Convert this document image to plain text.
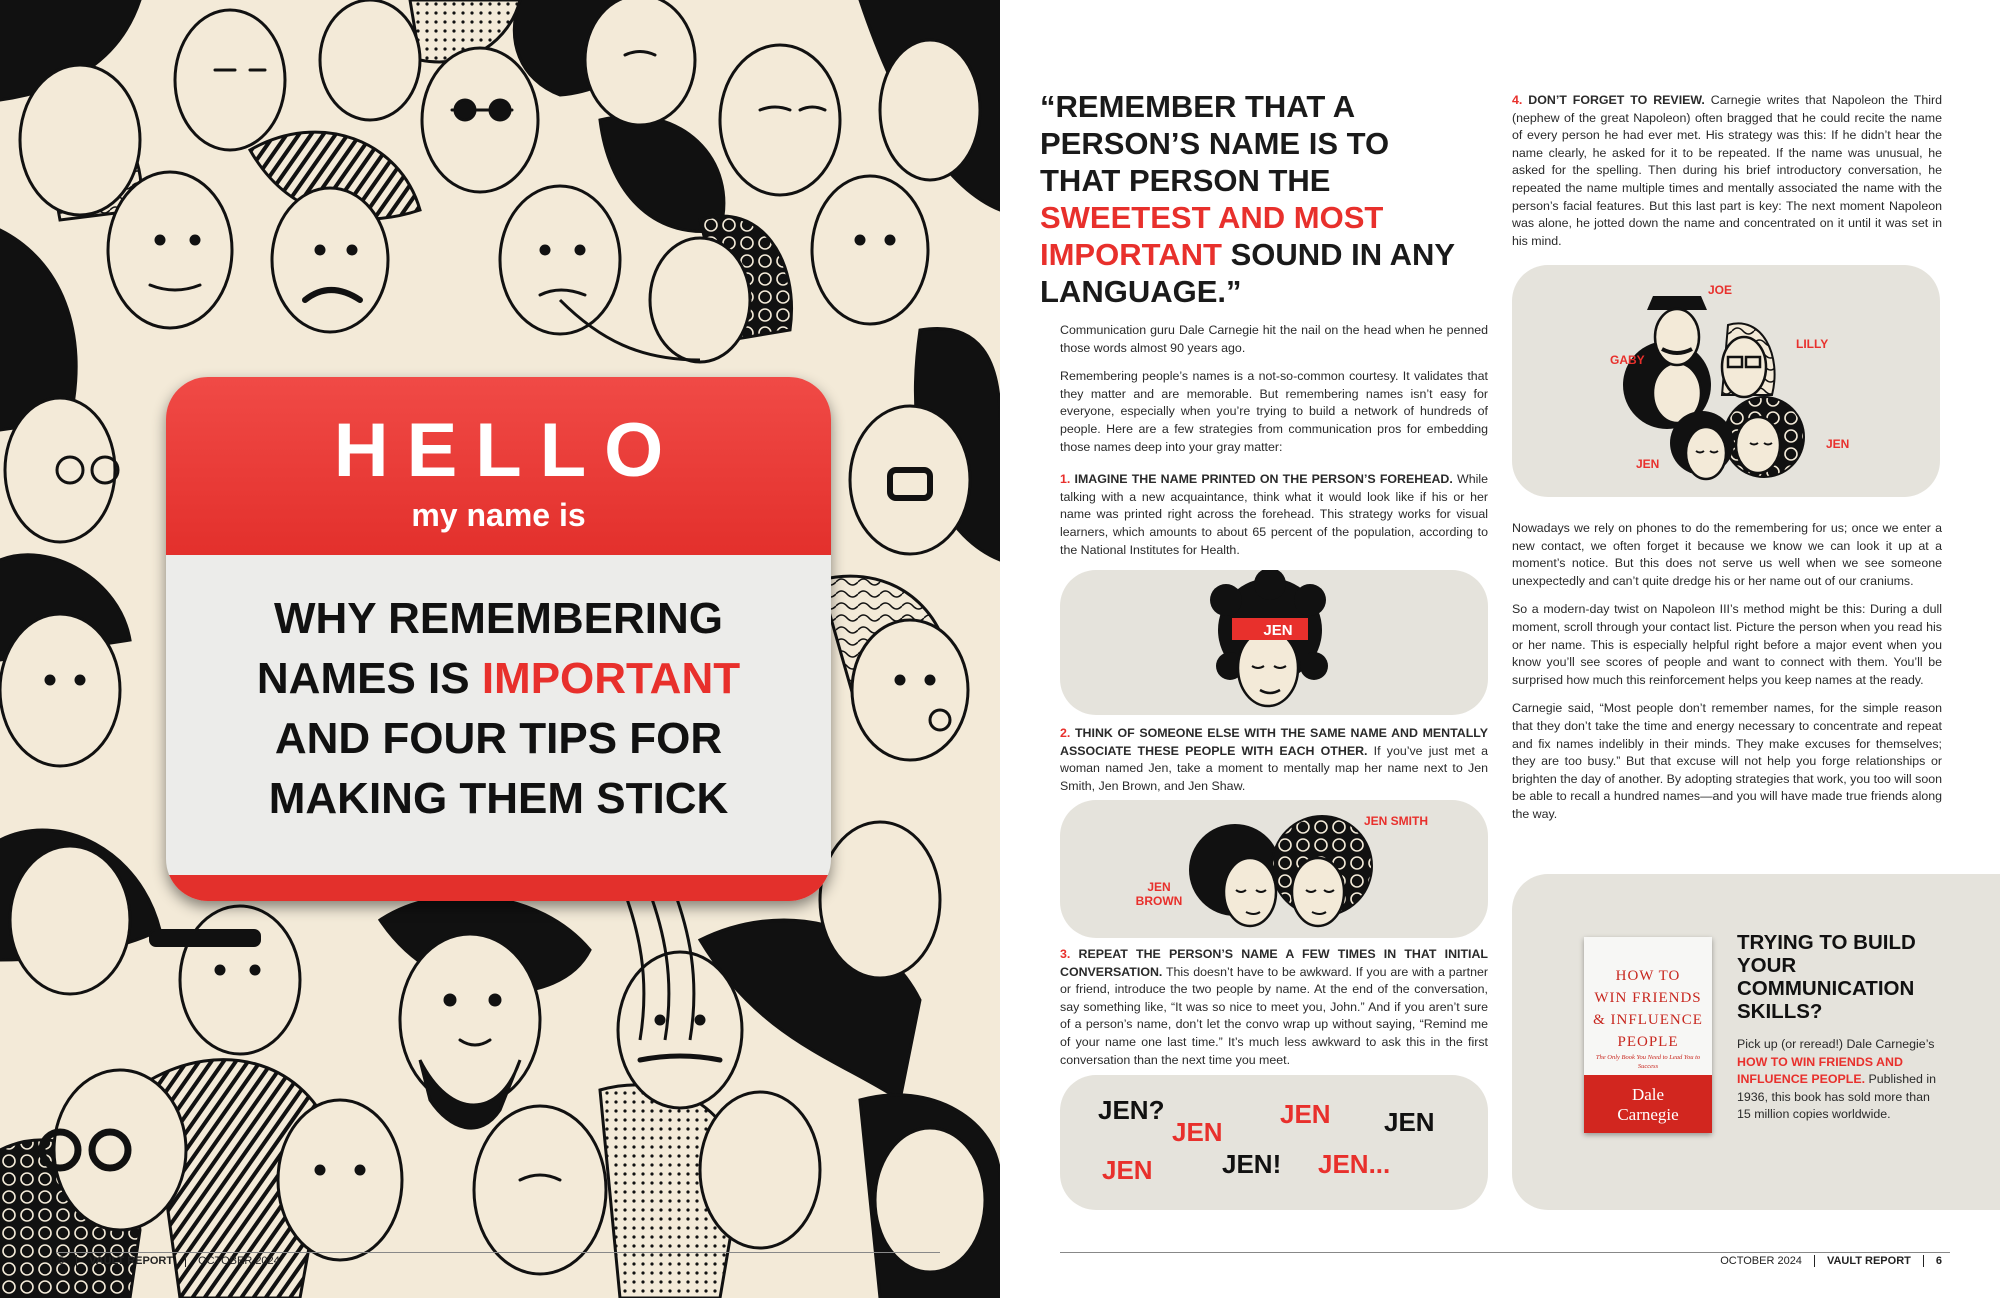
HELLO
my name is
WHY REMEMBERING
NAMES IS IMPORTANT
AND FOUR TIPS FOR
MAKING THEM STICK
5 VAULT REPORT OCTOBER 2024
“REMEMBER THAT A PERSON’S NAME IS TO THAT PERSON THE SWEETEST AND MOST IMPORTANT SOUND IN ANY LANGUAGE.”

Communication guru Dale Carnegie hit the nail on the head when he penned those words almost 90 years ago.

Remembering people’s names is a not-so-common courtesy. It validates that they matter and are memorable. But remembering names isn’t easy for everyone, especially when you’re trying to build a network of hundreds of people. Here are a few strategies from communication pros for embedding those names deep into your gray matter:

1. IMAGINE THE NAME PRINTED ON THE PERSON’S FOREHEAD. While talking with a new acquaintance, think what it would look like if his or her name was printed right across the forehead. This strategy works for visual learners, which amounts to about 65 percent of the population, according to the National Institutes for Health.

JEN

2. THINK OF SOMEONE ELSE WITH THE SAME NAME AND MENTALLY ASSOCIATE THESE PEOPLE WITH EACH OTHER. If you’ve just met a woman named Jen, take a moment to mentally map her name next to Jen Smith, Jen Brown, and Jen Shaw.

JEN SMITH
JEN BROWN

3. REPEAT THE PERSON’S NAME A FEW TIMES IN THAT INITIAL CONVERSATION. This doesn’t have to be awkward. If you are with a partner or friend, introduce the two people by name. At the end of the conversation, say something like, “It was so nice to meet you, John.” And if you aren’t sure of a person’s name, don’t let the convo wrap up without saying, “Remind me of your name one last time.” It’s much less awkward to ask this in the first conversation than the next time you meet.

JEN?
JEN
JEN JEN
JEN	JEN! JEN...

4. DON’T FORGET TO REVIEW. Carnegie writes that Napoleon the Third (nephew of the great Napoleon) often bragged that he could recite the name of every person he had ever met. His strategy was this: If he didn’t hear the name clearly, he asked for it to be repeated. If the name was unusual, he asked for the spelling. Then during his brief introductory conversation, he repeated the name multiple times and mentally associated the name with the person’s facial features. But this last part is key: The next moment Napoleon was alone, he jotted down the name and concentrated on it until it was set in his mind.

JOE
GABY
LILLY
JEN
JEN

Nowadays we rely on phones to do the remembering for us; once we enter a new contact, we often forget it because we know we can look it up at a moment’s notice. But this does not serve us well when we see someone unexpectedly and can’t quite dredge his or her name out of our craniums.

So a modern-day twist on Napoleon III’s method might be this: During a dull moment, scroll through your contact list. Picture the person when you read his or her name. This is especially helpful right before a major event when you know you’ll see scores of people and want to connect with them. You’ll be surprised how much this reinforcement helps you keep names at the ready.

Carnegie said, “Most people don’t remember names, for the simple reason that they don’t take the time and energy necessary to concentrate and repeat and fix names indelibly in their minds. They make excuses for themselves; they are too busy.” But that excuse will not help you forge relationships or brighten the day of another. By adopting strategies that work, you too will soon be able to recall a hundred names—and you will have made true friends along the way.

HOW TO
WIN FRIENDS
& INFLUENCE
PEOPLE
The Only Book You Need to Lead You to Success
Dale
Carnegie
TRYING TO BUILD YOUR COMMUNICATION SKILLS?
Pick up (or reread!) Dale Carnegie’s HOW TO WIN FRIENDS AND INFLUENCE PEOPLE. Published in 1936, this book has sold more than 15 million copies worldwide.
OCTOBER 2024 VAULT REPORT 6
